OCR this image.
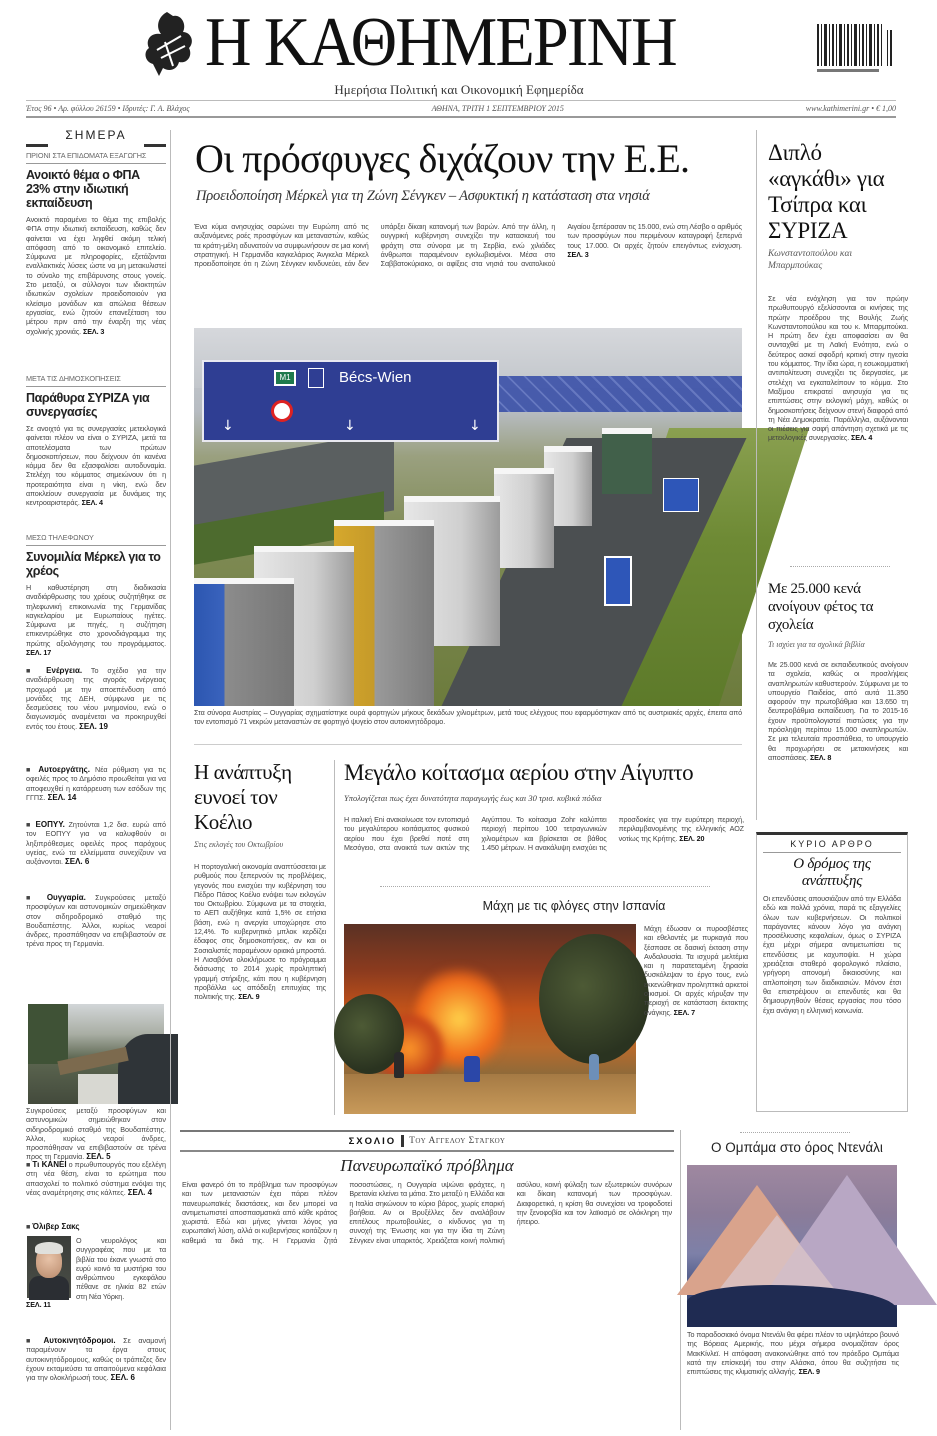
Η ΚΑΘΗΜΕΡΙΝΗ
Ημερήσια Πολιτική και Οικονομική Εφημερίδα
Έτος 96 • Αρ. φύλλου 26159 • Ιδρυτές: Γ. Α. Βλάχος	ΑΘΗΝΑ, ΤΡΙΤΗ 1 ΣΕΠΤΕΜΒΡΙΟΥ 2015	www.kathimerini.gr • € 1,00
ΣΗΜΕΡΑ
ΠΡΙΟΝΙ ΣΤΑ ΕΠΙΔΟΜΑΤΑ ΕΞΑΓΩΓΗΣ
Ανοικτό θέμα ο ΦΠΑ 23% στην ιδιωτική εκπαίδευση
Ανοικτό παραμένει το θέμα της επιβολής ΦΠΑ στην ιδιωτική εκπαίδευση, καθώς δεν φαίνεται να έχει ληφθεί ακόμη τελική απόφαση από το οικονομικό επιτελείο. Σύμφωνα με πληροφορίες, εξετάζονται εναλλακτικές λύσεις ώστε να μη μετακυλιστεί το σύνολο της επιβάρυνσης στους γονείς. Στο μεταξύ, οι σύλλογοι των ιδιοκτητών ιδιωτικών σχολείων προειδοποιούν για κλείσιμο μονάδων και απώλεια θέσεων εργασίας, ενώ ζητούν επανεξέταση του μέτρου πριν από την έναρξη της νέας σχολικής χρονιάς. ΣΕΛ. 3
ΜΕΤΑ ΤΙΣ ΔΗΜΟΣΚΟΠΗΣΕΙΣ
Παράθυρα ΣΥΡΙΖΑ για συνεργασίες
Σε ανοιχτό για τις συνεργασίες μετεκλογικά φαίνεται πλέον να είναι ο ΣΥΡΙΖΑ, μετά τα αποτελέσματα των πρώτων δημοσκοπήσεων, που δείχνουν ότι κανένα κόμμα δεν θα εξασφαλίσει αυτοδυναμία. Στελέχη του κόμματος σημειώνουν ότι η προτεραιότητα είναι η νίκη, ενώ δεν αποκλείουν συνεργασία με δυνάμεις της κεντροαριστεράς. ΣΕΛ. 4
ΜΕΣΩ ΤΗΛΕΦΩΝΟΥ
Συνομιλία Μέρκελ για το χρέος
Η καθυστέρηση στη διαδικασία αναδιάρθρωσης του χρέους συζητήθηκε σε τηλεφωνική επικοινωνία της Γερμανίδας καγκελαρίου με Ευρωπαίους ηγέτες. Σύμφωνα με πηγές, η συζήτηση επικεντρώθηκε στο χρονοδιάγραμμα της πρώτης αξιολόγησης του προγράμματος. ΣΕΛ. 17
■ Ενέργεια. Το σχέδιο για την αναδιάρθρωση της αγοράς ενέργειας προχωρά με την αποεπένδυση από μονάδες της ΔΕΗ, σύμφωνα με τις δεσμεύσεις του νέου μνημονίου, ενώ ο διαγωνισμός αναμένεται να προκηρυχθεί εντός του έτους. ΣΕΛ. 19
■ Αυτοεργάτης. Νέα ρύθμιση για τις οφειλές προς το Δημόσιο προωθείται για να αποφευχθεί η κατάρρευση των εσόδων της ΓΓΠΣ. ΣΕΛ. 14
■ ΕΟΠΥΥ. Ζητούνται 1,2 δισ. ευρώ από τον ΕΟΠΥΥ για να καλυφθούν οι ληξιπρόθεσμες οφειλές προς παρόχους υγείας, ενώ τα ελλείμματα συνεχίζουν να αυξάνονται. ΣΕΛ. 6
■ Ουγγαρία. Συγκρούσεις μεταξύ προσφύγων και αστυνομικών σημειώθηκαν στον σιδηροδρομικό σταθμό της Βουδαπέστης. Άλλοι, κυρίως νεαροί άνδρες, προσπάθησαν να επιβιβαστούν σε τρένα προς τη Γερμανία.
Συγκρούσεις μεταξύ προσφύγων και αστυνομικών σημειώθηκαν στον σιδηροδρομικό σταθμό της Βουδαπέστης. Άλλοι, κυρίως νεαροί άνδρες, προσπάθησαν να επιβιβαστούν σε τρένα προς τη Γερμανία. ΣΕΛ. 5
■ Τι ΚΑΝΕΙ ο πρωθυπουργός που εξελέγη στη νέα θέση, είναι το ερώτημα που απασχολεί το πολιτικό σύστημα ενόψει της νέας αναμέτρησης στις κάλπες. ΣΕΛ. 4
■ Όλιβερ Σακς
Ο νευρολόγος και συγγραφέας που με τα βιβλία του έκανε γνωστά στο ευρύ κοινό τα μυστήρια του ανθρώπινου εγκεφάλου πέθανε σε ηλικία 82 ετών στη Νέα Υόρκη.
ΣΕΛ. 11
■ Αυτοκινητόδρομοι. Σε αναμονή παραμένουν τα έργα στους αυτοκινητόδρομους, καθώς οι τράπεζες δεν έχουν εκταμιεύσει τα απαιτούμενα κεφάλαια για την ολοκλήρωσή τους. ΣΕΛ. 6
Οι πρόσφυγες διχάζουν την Ε.Ε.
Προειδοποίηση Μέρκελ για τη Ζώνη Σένγκεν – Ασφυκτική η κατάσταση στα νησιά
Ένα κύμα ανησυχίας σαρώνει την Ευρώπη από τις αυξανόμενες ροές προσφύγων και μεταναστών, καθώς τα κράτη-μέλη αδυνατούν να συμφωνήσουν σε μια κοινή στρατηγική. Η Γερμανίδα καγκελάριος Άνγκελα Μέρκελ προειδοποίησε ότι η Ζώνη Σένγκεν κινδυνεύει, εάν δεν υπάρξει δίκαιη κατανομή των βαρών. Από την άλλη, η ουγγρική κυβέρνηση συνεχίζει την κατασκευή του φράχτη στα σύνορα με τη Σερβία, ενώ χιλιάδες άνθρωποι παραμένουν εγκλωβισμένοι. Μέσα στο Σαββατοκύριακο, οι αφίξεις στα νησιά του ανατολικού Αιγαίου ξεπέρασαν τις 15.000, ενώ στη Λέσβο ο αριθμός των προσφύγων που περιμένουν καταγραφή ξεπερνά τους 17.000. Οι αρχές ζητούν επειγόντως ενίσχυση. ΣΕΛ. 3
M1	Bécs-Wien
↓	↓	↓
Στα σύνορα Αυστρίας – Ουγγαρίας σχηματίστηκε ουρά φορτηγών μήκους δεκάδων χιλιομέτρων, μετά τους ελέγχους που εφαρμόστηκαν από τις αυστριακές αρχές, έπειτα από τον εντοπισμό 71 νεκρών μεταναστών σε φορτηγό ψυγείο στον αυτοκινητόδρομο.
Διπλό «αγκάθι» για Τσίπρα και ΣΥΡΙΖΑ
Κωνσταντοπούλου και Μπαρμπούκας
Σε νέα ενόχληση για τον πρώην πρωθυπουργό εξελίσσονται οι κινήσεις της πρώην προέδρου της Βουλής Ζωής Κωνσταντοπούλου και του κ. Μπαρμπούκα. Η πρώτη δεν έχει αποφασίσει αν θα συνταχθεί με τη Λαϊκή Ενότητα, ενώ ο δεύτερος ασκεί σφοδρή κριτική στην ηγεσία του κόμματος. Την ίδια ώρα, η εσωκομματική αντιπολίτευση συνεχίζει τις διεργασίες, με στελέχη να εγκαταλείπουν το κόμμα. Στο Μαξίμου επικρατεί ανησυχία για τις επιπτώσεις στην εκλογική μάχη, καθώς οι δημοσκοπήσεις δείχνουν στενή διαφορά από τη Νέα Δημοκρατία. Παράλληλα, αυξάνονται οι πιέσεις για σαφή απάντηση σχετικά με τις μετεκλογικές συνεργασίες. ΣΕΛ. 4
Με 25.000 κενά ανοίγουν φέτος τα σχολεία
Τι ισχύει για τα σχολικά βιβλία
Με 25.000 κενά σε εκπαιδευτικούς ανοίγουν τα σχολεία, καθώς οι προσλήψεις αναπληρωτών καθυστερούν. Σύμφωνα με το υπουργείο Παιδείας, από αυτά 11.350 αφορούν την πρωτοβάθμια και 13.650 τη δευτεροβάθμια εκπαίδευση. Για το 2015-16 έχουν προϋπολογιστεί πιστώσεις για την πρόσληψη περίπου 15.000 αναπληρωτών. Σε μια τελευταία προσπάθεια, το υπουργείο θα προχωρήσει σε μετακινήσεις και αποσπάσεις. ΣΕΛ. 8
ΚΥΡΙΟ ΑΡΘΡΟ
Ο δρόμος της ανάπτυξης
Οι επενδύσεις απουσιάζουν από την Ελλάδα εδώ και πολλά χρόνια, παρά τις εξαγγελίες όλων των κυβερνήσεων. Οι πολιτικοί παράγοντες κάνουν λόγο για ανάγκη προσέλκυσης κεφαλαίων, όμως ο ΣΥΡΙΖΑ έχει μέχρι σήμερα αντιμετωπίσει τις επενδύσεις με καχυποψία. Η χώρα χρειάζεται σταθερό φορολογικό πλαίσιο, γρήγορη απονομή δικαιοσύνης και απλοποίηση των διαδικασιών. Μόνον έτσι θα επιστρέψουν οι επενδυτές και θα δημιουργηθούν θέσεις εργασίας που τόσο έχει ανάγκη η ελληνική κοινωνία.
Η ανάπτυξη ευνοεί τον Κοέλιο
Στις εκλογές του Οκτωβρίου
Η πορτογαλική οικονομία αναπτύσσεται με ρυθμούς που ξεπερνούν τις προβλέψεις, γεγονός που ενισχύει την κυβέρνηση του Πέδρο Πάσος Κοέλιο ενόψει των εκλογών του Οκτωβρίου. Σύμφωνα με τα στοιχεία, το ΑΕΠ αυξήθηκε κατά 1,5% σε ετήσια βάση, ενώ η ανεργία υποχώρησε στο 12,4%. Το κυβερνητικό μπλοκ κερδίζει έδαφος στις δημοσκοπήσεις, αν και οι Σοσιαλιστές παραμένουν οριακά μπροστά. Η Λισαβόνα ολοκλήρωσε το πρόγραμμα διάσωσης το 2014 χωρίς προληπτική γραμμή στήριξης, κάτι που η κυβέρνηση προβάλλει ως απόδειξη επιτυχίας της πολιτικής της. ΣΕΛ. 9
Μεγάλο κοίτασμα αερίου στην Αίγυπτο
Υπολογίζεται πως έχει δυνατότητα παραγωγής έως και 30 τρισ. κυβικά πόδια
Η ιταλική Eni ανακοίνωσε τον εντοπισμό του μεγαλύτερου κοιτάσματος φυσικού αερίου που έχει βρεθεί ποτέ στη Μεσόγειο, στα ανοικτά των ακτών της Αιγύπτου. Το κοίτασμα Zohr καλύπτει περιοχή περίπου 100 τετραγωνικών χιλιομέτρων και βρίσκεται σε βάθος 1.450 μέτρων. Η ανακάλυψη ενισχύει τις προσδοκίες για την ευρύτερη περιοχή, περιλαμβανομένης της ελληνικής ΑΟΖ νοτίως της Κρήτης. ΣΕΛ. 20
Μάχη με τις φλόγες στην Ισπανία
Μάχη έδωσαν οι πυροσβέστες και εθελοντές με πυρκαγιά που ξέσπασε σε δασική έκταση στην Ανδαλουσία. Τα ισχυρά μελτέμια και η παρατεταμένη ξηρασία δυσκόλεψαν το έργο τους, ενώ εκκενώθηκαν προληπτικά αρκετοί οικισμοί. Οι αρχές κήρυξαν την περιοχή σε κατάσταση έκτακτης ανάγκης. ΣΕΛ. 7
ΣΧΟΛΙΟ Του Αγγελου Στάγκου
Πανευρωπαϊκό πρόβλημα
Είναι φανερό ότι το πρόβλημα των προσφύγων και των μεταναστών έχει πάρει πλέον πανευρωπαϊκές διαστάσεις, και δεν μπορεί να αντιμετωπιστεί αποσπασματικά από κάθε κράτος χωριστά. Εδώ και μήνες γίνεται λόγος για ευρωπαϊκή λύση, αλλά οι κυβερνήσεις κοιτάζουν η καθεμιά τα δικά της. Η Γερμανία ζητά ποσοστώσεις, η Ουγγαρία υψώνει φράχτες, η Βρετανία κλείνει τα μάτια. Στο μεταξύ η Ελλάδα και η Ιταλία σηκώνουν το κύριο βάρος, χωρίς επαρκή βοήθεια. Αν οι Βρυξέλλες δεν αναλάβουν επιτέλους πρωτοβουλίες, ο κίνδυνος για τη συνοχή της Ένωσης και για την ίδια τη Ζώνη Σένγκεν είναι υπαρκτός. Χρειάζεται κοινή πολιτική ασύλου, κοινή φύλαξη των εξωτερικών συνόρων και δίκαιη κατανομή των προσφύγων. Διαφορετικά, η κρίση θα συνεχίσει να τροφοδοτεί την ξενοφοβία και τον λαϊκισμό σε ολόκληρη την ήπειρο.
Ο Ομπάμα στο όρος Ντενάλι
Το παραδοσιακό όνομα Ντενάλι θα φέρει πλέον το υψηλότερο βουνό της Βόρειας Αμερικής, που μέχρι σήμερα ονομαζόταν όρος ΜακΚίνλεϊ. Η απόφαση ανακοινώθηκε από τον πρόεδρο Ομπάμα κατά την επίσκεψή του στην Αλάσκα, όπου θα συζητήσει τις επιπτώσεις της κλιματικής αλλαγής. ΣΕΛ. 9
